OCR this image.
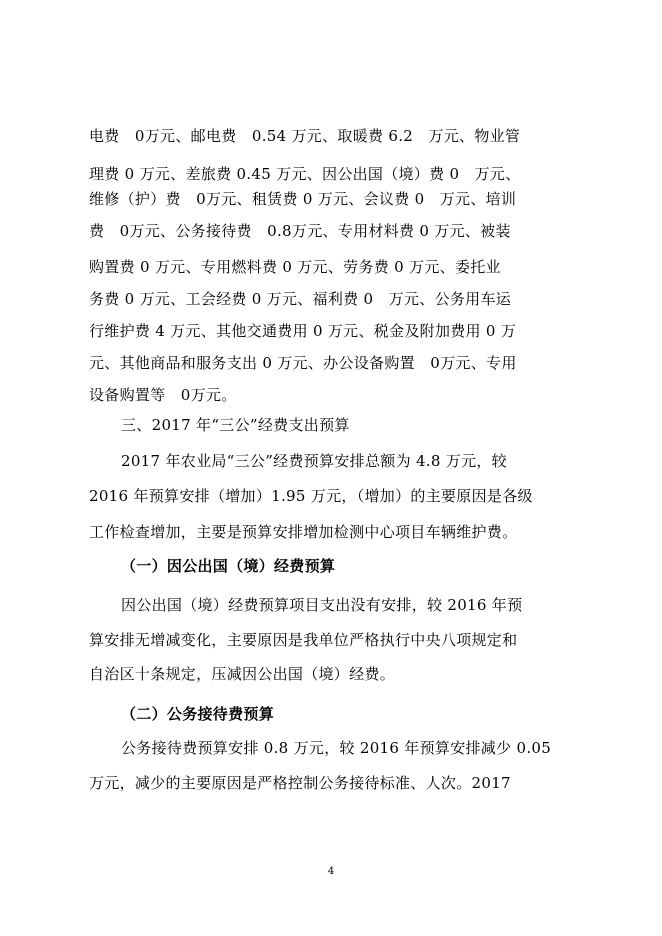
电费　0万元、邮电费　0.54 万元、取暖费 6.2　万元、物业管
理费 0 万元、差旅费 0.45 万元、因公出国（境）费 0　万元、
维修（护）费　0万元、租赁费 0 万元、会议费 0　万元、培训
费　0万元、公务接待费　0.8万元、专用材料费 0 万元、被装
购置费 0 万元、专用燃料费 0 万元、劳务费 0 万元、委托业
务费 0 万元、工会经费 0 万元、福利费 0　万元、公务用车运
行维护费 4 万元、其他交通费用 0 万元、税金及附加费用 0 万
元、其他商品和服务支出 0 万元、办公设备购置　0万元、专用
设备购置等　0万元。
三、2017 年“三公”经费支出预算
2017 年农业局“三公”经费预算安排总额为 4.8 万元，较
2016 年预算安排（增加）1.95 万元，（增加）的主要原因是各级
工作检查增加，主要是预算安排增加检测中心项目车辆维护费。
（一）因公出国（境）经费预算
因公出国（境）经费预算项目支出没有安排，较 2016 年预
算安排无增减变化，主要原因是我单位严格执行中央八项规定和
自治区十条规定，压减因公出国（境）经费。
（二）公务接待费预算
公务接待费预算安排 0.8 万元，较 2016 年预算安排减少 0.05
万元，减少的主要原因是严格控制公务接待标准、人次。2017
4
